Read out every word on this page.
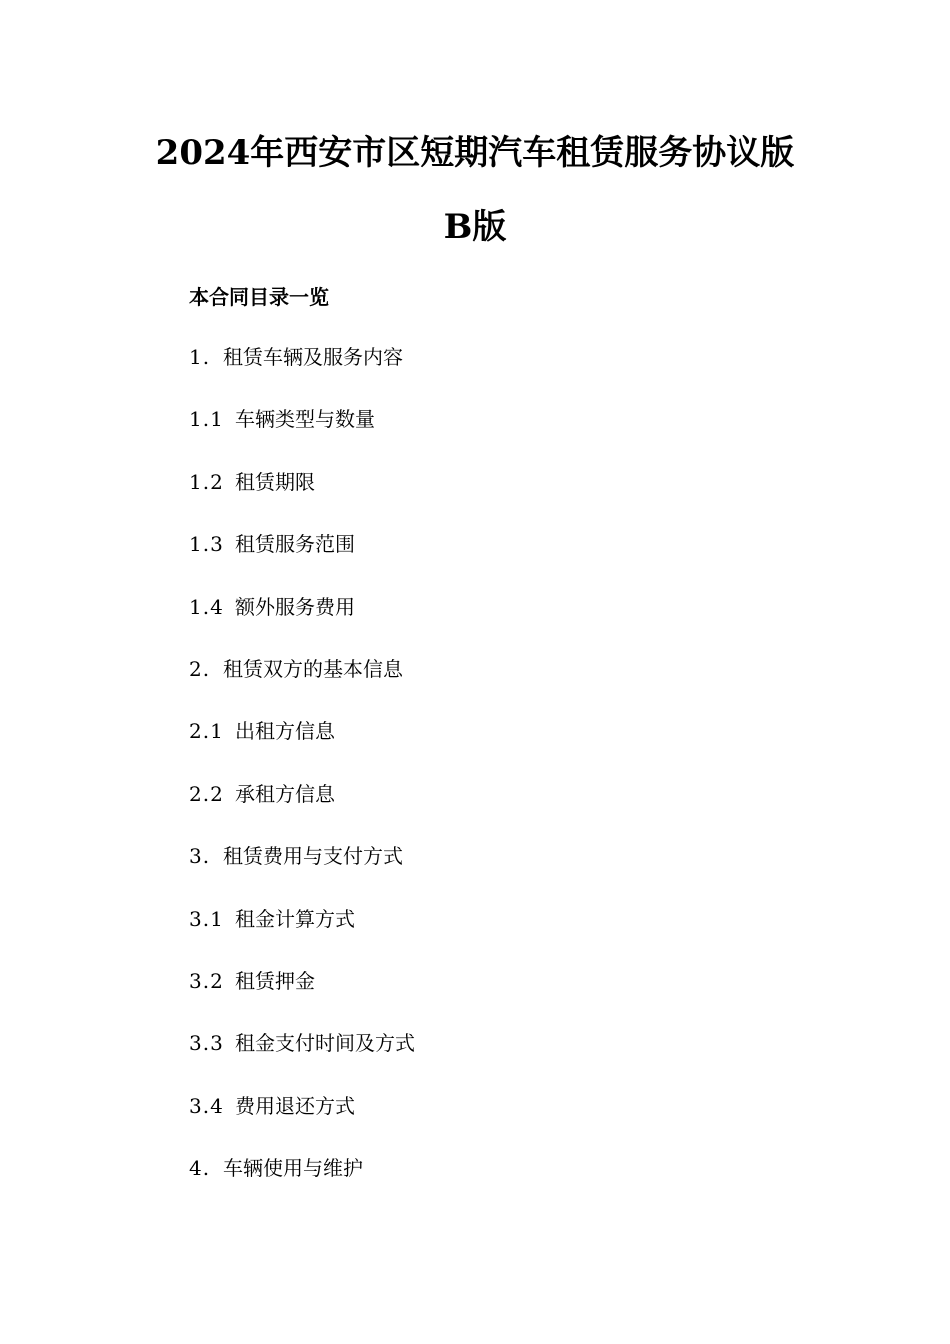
2024年西安市区短期汽车租赁服务协议版
B版
本合同目录一览
1. 租赁车辆及服务内容
1.1 车辆类型与数量
1.2 租赁期限
1.3 租赁服务范围
1.4 额外服务费用
2. 租赁双方的基本信息
2.1 出租方信息
2.2 承租方信息
3. 租赁费用与支付方式
3.1 租金计算方式
3.2 租赁押金
3.3 租金支付时间及方式
3.4 费用退还方式
4. 车辆使用与维护
